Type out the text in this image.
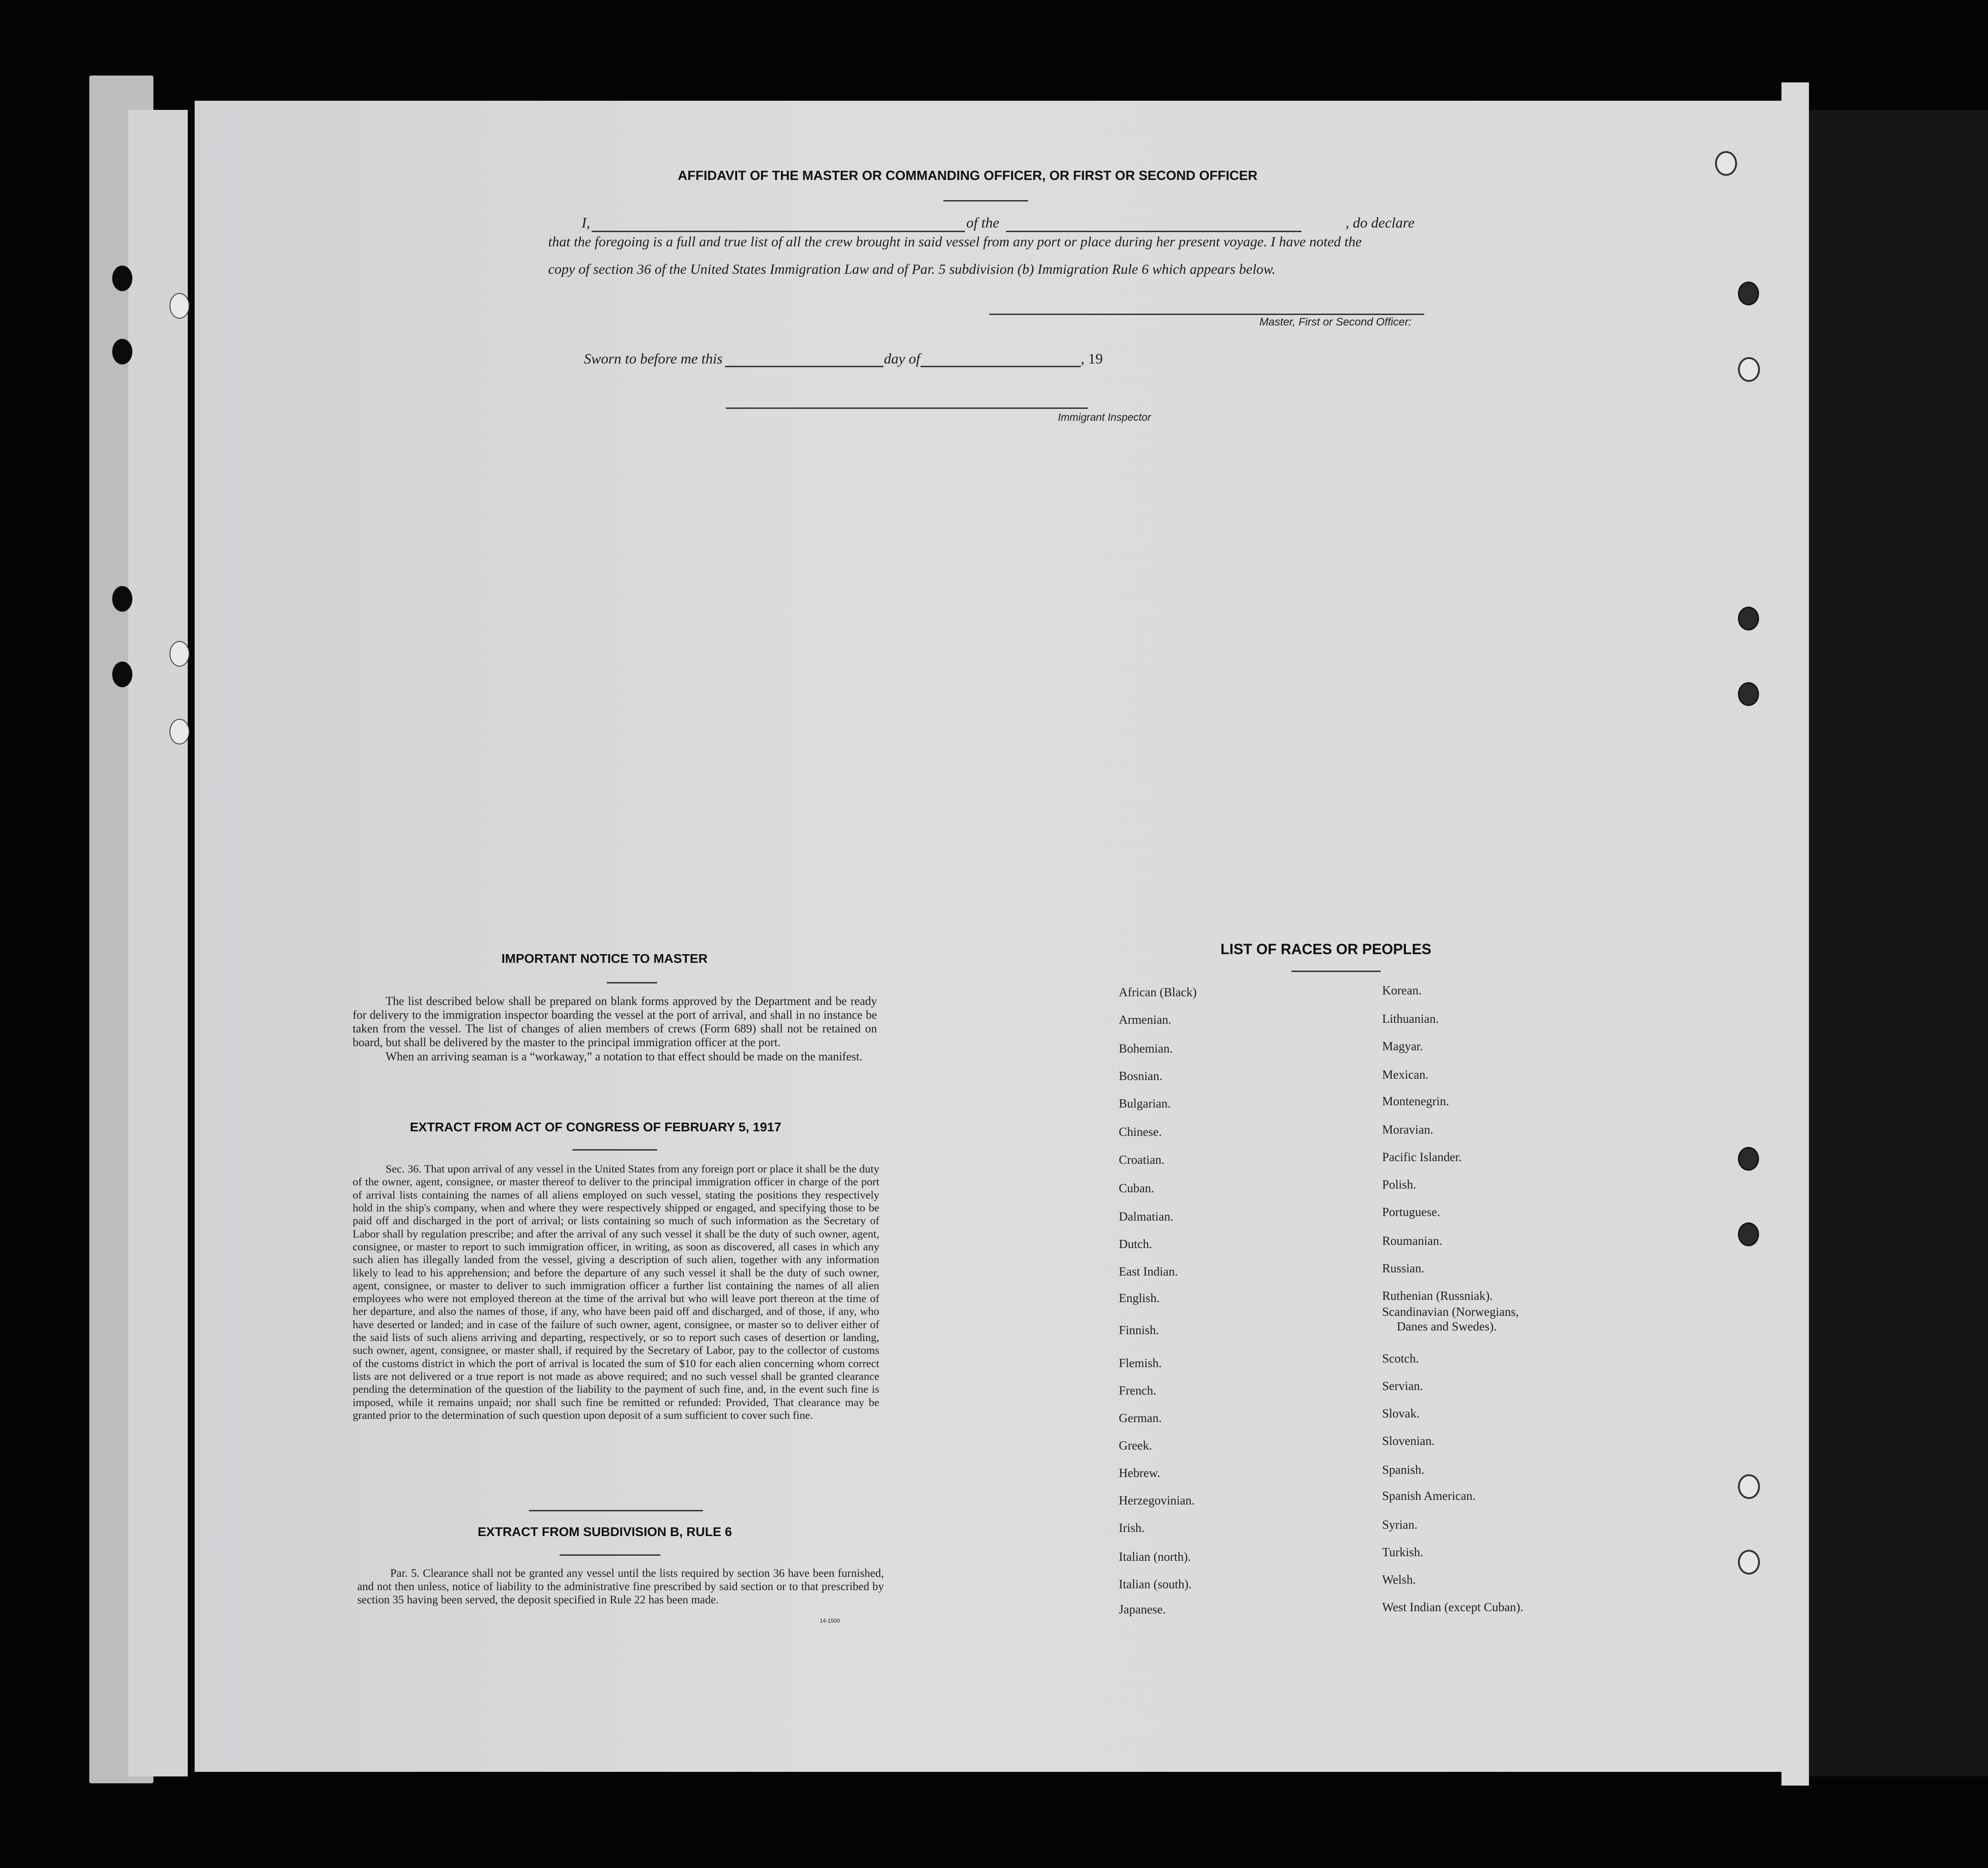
AFFIDAVIT OF THE MASTER OR COMMANDING OFFICER, OR FIRST OR SECOND OFFICER
I,	of the	, do declare
that the foregoing is a full and true list of all the crew brought in said vessel from any port or place during her present voyage. I have noted the
copy of section 36 of the United States Immigration Law and of Par. 5 subdivision (b) Immigration Rule 6 which appears below.
Master, First or Second Officer:
Sworn to before me this	day of	, 19
Immigrant Inspector
IMPORTANT NOTICE TO MASTER

The list described below shall be prepared on blank forms approved by the Department and be ready for delivery to the immigration inspector boarding the vessel at the port of arrival, and shall in no instance be taken from the vessel. The list of changes of alien members of crews (Form 689) shall not be retained on board, but shall be delivered by the master to the principal immigration officer at the port.

When an arriving seaman is a “workaway,” a notation to that effect should be made on the manifest.

EXTRACT FROM ACT OF CONGRESS OF FEBRUARY 5, 1917

Sec. 36. That upon arrival of any vessel in the United States from any foreign port or place it shall be the duty of the owner, agent, consignee, or master thereof to deliver to the principal immigration officer in charge of the port of arrival lists containing the names of all aliens employed on such vessel, stating the positions they respectively hold in the ship's company, when and where they were respectively shipped or engaged, and specifying those to be paid off and discharged in the port of arrival; or lists containing so much of such information as the Secretary of Labor shall by regulation prescribe; and after the arrival of any such vessel it shall be the duty of such owner, agent, consignee, or master to report to such immigration officer, in writing, as soon as discovered, all cases in which any such alien has illegally landed from the vessel, giving a description of such alien, together with any information likely to lead to his apprehension; and before the departure of any such vessel it shall be the duty of such owner, agent, consignee, or master to deliver to such immigration officer a further list containing the names of all alien employees who were not employed thereon at the time of the arrival but who will leave port thereon at the time of her departure, and also the names of those, if any, who have been paid off and discharged, and of those, if any, who have deserted or landed; and in case of the failure of such owner, agent, consignee, or master so to deliver either of the said lists of such aliens arriving and departing, respectively, or so to report such cases of desertion or landing, such owner, agent, consignee, or master shall, if required by the Secretary of Labor, pay to the collector of customs of the customs district in which the port of arrival is located the sum of $10 for each alien concerning whom correct lists are not delivered or a true report is not made as above required; and no such vessel shall be granted clearance pending the determination of the question of the liability to the payment of such fine, and, in the event such fine is imposed, while it remains unpaid; nor shall such fine be remitted or refunded: Provided, That clearance may be granted prior to the determination of such question upon deposit of a sum sufficient to cover such fine.

EXTRACT FROM SUBDIVISION B, RULE 6

Par. 5. Clearance shall not be granted any vessel until the lists required by section 36 have been furnished, and not then unless, notice of liability to the administrative fine prescribed by said section or to that prescribed by section 35 having been served, the deposit specified in Rule 22 has been made.

14-1500
LIST OF RACES OR PEOPLES
African (Black)
Armenian.
Bohemian.
Bosnian.
Bulgarian.
Chinese.
Croatian.
Cuban.
Dalmatian.
Dutch.
East Indian.
English.
Finnish.
Flemish.
French.
German.
Greek.
Hebrew.
Herzegovinian.
Irish.
Italian (north).
Italian (south).
Japanese.
Korean.
Lithuanian.
Magyar.
Mexican.
Montenegrin.
Moravian.
Pacific Islander.
Polish.
Portuguese.
Roumanian.
Russian.
Ruthenian (Russniak).
Scandinavian (Norwegians,
Danes and Swedes).
Scotch.
Servian.
Slovak.
Slovenian.
Spanish.
Spanish American.
Syrian.
Turkish.
Welsh.
West Indian (except Cuban).
